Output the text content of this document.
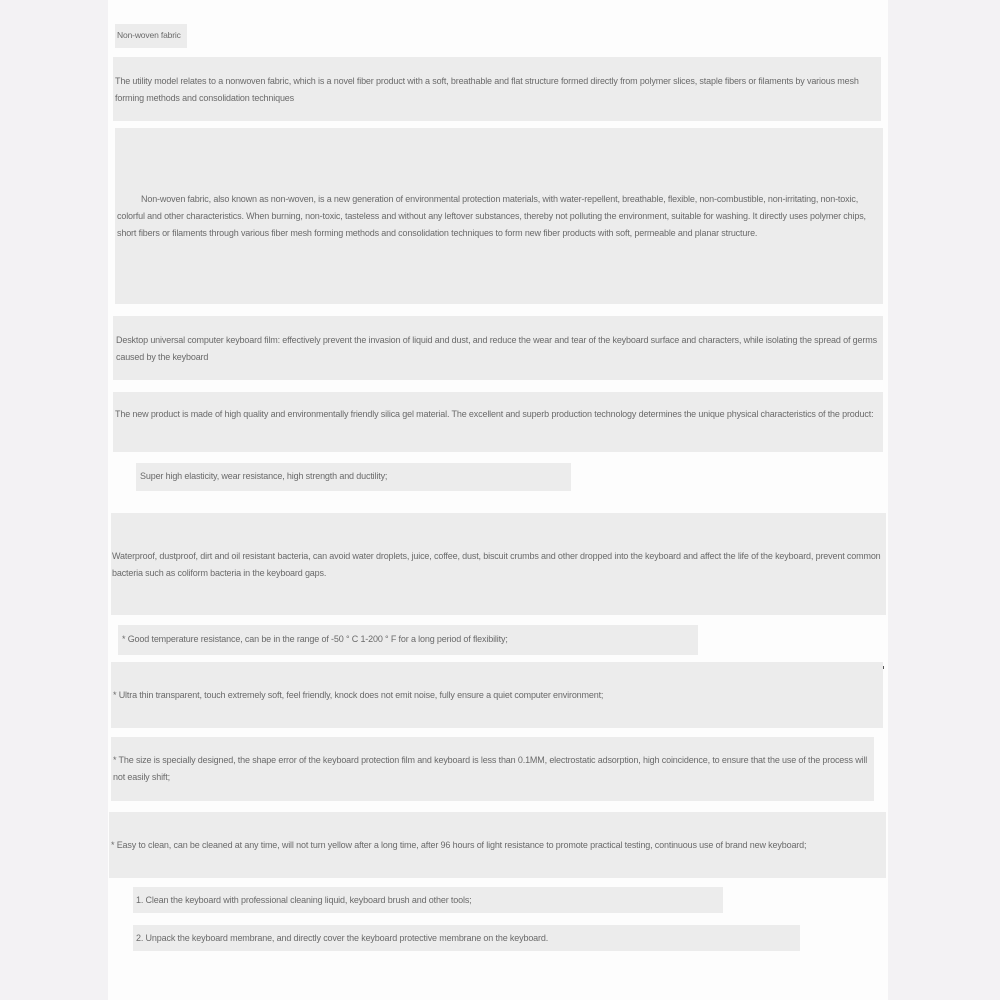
Non-woven fabric

The utility model relates to a nonwoven fabric, which is a novel fiber product with a soft, breathable and flat structure formed directly from polymer slices, staple fibers or filaments by various mesh forming methods and consolidation techniques

Non-woven fabric, also known as non-woven, is a new generation of environmental protection materials, with water-repellent, breathable, flexible, non-combustible, non-irritating, non-toxic, colorful and other characteristics. When burning, non-toxic, tasteless and without any leftover substances, thereby not polluting the environment, suitable for washing. It directly uses polymer chips, short fibers or filaments through various fiber mesh forming methods and consolidation techniques to form new fiber products with soft, permeable and planar structure.

Desktop universal computer keyboard film: effectively prevent the invasion of liquid and dust, and reduce the wear and tear of the keyboard surface and characters, while isolating the spread of germs caused by the keyboard

The new product is made of high quality and environmentally friendly silica gel material. The excellent and superb production technology determines the unique physical characteristics of the product:

Super high elasticity, wear resistance, high strength and ductility;

Waterproof, dustproof, dirt and oil resistant bacteria, can avoid water droplets, juice, coffee, dust, biscuit crumbs and other dropped into the keyboard and affect the life of the keyboard, prevent common bacteria such as coliform bacteria in the keyboard gaps.

* Good temperature resistance, can be in the range of -50 ° C 1-200 ° F for a long period of flexibility;

* Ultra thin transparent, touch extremely soft, feel friendly, knock does not emit noise, fully ensure a quiet computer environment;

* The size is specially designed, the shape error of the keyboard protection film and keyboard is less than 0.1MM, electrostatic adsorption, high coincidence, to ensure that the use of the process will not easily shift;

* Easy to clean, can be cleaned at any time, will not turn yellow after a long time, after 96 hours of light resistance to promote practical testing, continuous use of brand new keyboard;

1. Clean the keyboard with professional cleaning liquid, keyboard brush and other tools;

2. Unpack the keyboard membrane, and directly cover the keyboard protective membrane on the keyboard.
